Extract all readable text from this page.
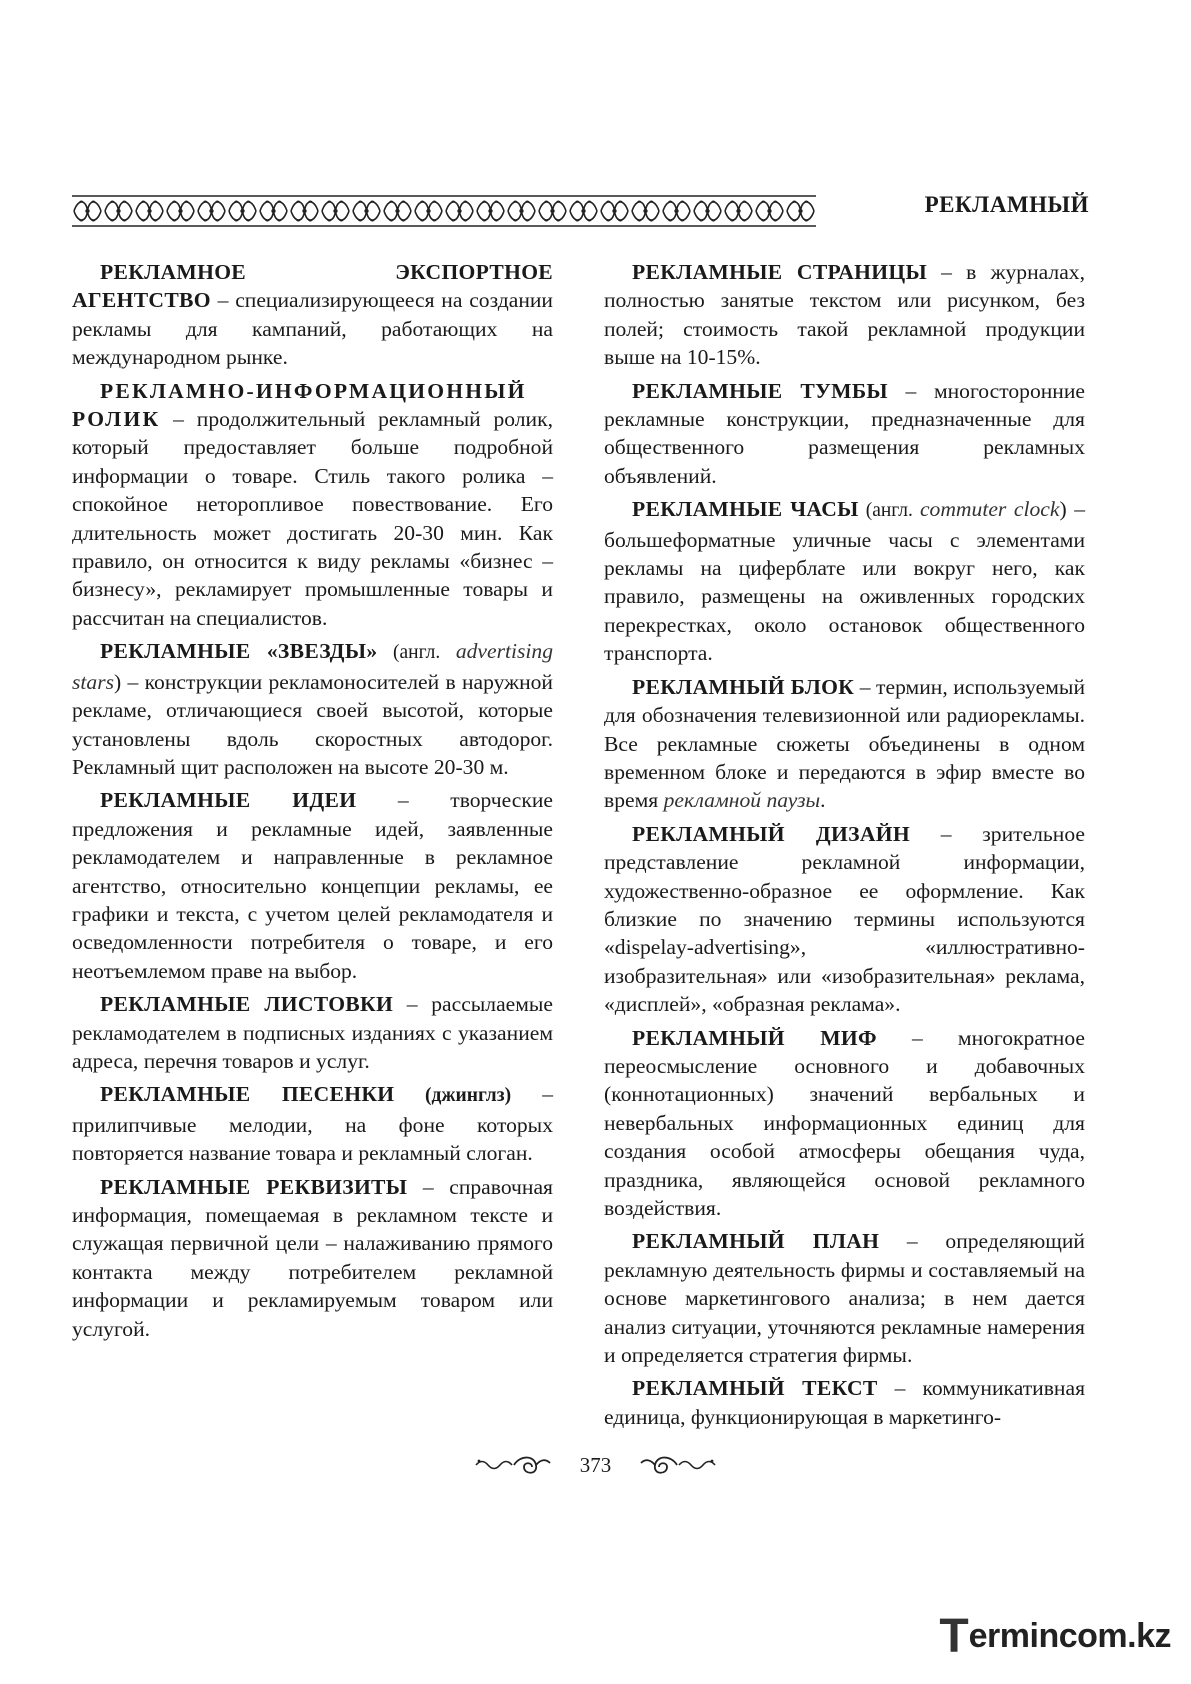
РЕКЛАМНЫЙ

РЕКЛАМНОЕ ЭКСПОРТНОЕ АГЕНТСТВО – специализирующееся на создании рекламы для кампаний, работающих на международном рынке.

РЕКЛАМНО-ИНФОРМАЦИОННЫЙ РОЛИК – продолжительный рекламный ролик, который предоставляет больше подробной информации о товаре. Стиль такого ролика – спокойное неторопливое повествование. Его длительность может достигать 20-30 мин. Как правило, он относится к виду рекламы «бизнес – бизнесу», рекламирует промышленные товары и рассчитан на специалистов.

РЕКЛАМНЫЕ «ЗВЕЗДЫ» (англ. advertising stars) – конструкции рекламоносителей в наружной рекламе, отличающиеся своей высотой, которые установлены вдоль скоростных автодорог. Рекламный щит расположен на высоте 20-30 м.

РЕКЛАМНЫЕ ИДЕИ – творческие предложения и рекламные идей, заявленные рекламодателем и направленные в рекламное агентство, относительно концепции рекламы, ее графики и текста, с учетом целей рекламодателя и осведомленности потребителя о товаре, и его неотъемлемом праве на выбор.

РЕКЛАМНЫЕ ЛИСТОВКИ – рассылаемые рекламодателем в подписных изданиях с указанием адреса, перечня товаров и услуг.

РЕКЛАМНЫЕ ПЕСЕНКИ (джинглз) – прилипчивые мелодии, на фоне которых повторяется название товара и рекламный слоган.

РЕКЛАМНЫЕ РЕКВИЗИТЫ – справочная информация, помещаемая в рекламном тексте и служащая первичной цели – налаживанию прямого контакта между потребителем рекламной информации и рекламируемым товаром или услугой.

РЕКЛАМНЫЕ СТРАНИЦЫ – в журналах, полностью занятые текстом или рисунком, без полей; стоимость такой рекламной продукции выше на 10-15%.

РЕКЛАМНЫЕ ТУМБЫ – многосторонние рекламные конструкции, предназначенные для общественного размещения рекламных объявлений.

РЕКЛАМНЫЕ ЧАСЫ (англ. commuter clock) – большеформатные уличные часы с элементами рекламы на циферблате или вокруг него, как правило, размещены на оживленных городских перекрестках, около остановок общественного транспорта.

РЕКЛАМНЫЙ БЛОК – термин, используемый для обозначения телевизионной или радиорекламы. Все рекламные сюжеты объединены в одном временном блоке и передаются в эфир вместе во время рекламной паузы.

РЕКЛАМНЫЙ ДИЗАЙН – зрительное представление рекламной информации, художественно-образное ее оформление. Как близкие по значению термины используются «dispelay-advertising», «иллюстративно-изобразительная» или «изобразительная» реклама, «дисплей», «образная реклама».

РЕКЛАМНЫЙ МИФ – многократное переосмысление основного и добавочных (коннотационных) значений вербальных и невербальных информационных единиц для создания особой атмосферы обещания чуда, праздника, являющейся основой рекламного воздействия.

РЕКЛАМНЫЙ ПЛАН – определяющий рекламную деятельность фирмы и составляемый на основе маркетингового анализа; в нем дается анализ ситуации, уточняются рекламные намерения и определяется стратегия фирмы.

РЕКЛАМНЫЙ ТЕКСТ – коммуникативная единица, функционирующая в маркетинго-

373
T ermincom.kz
